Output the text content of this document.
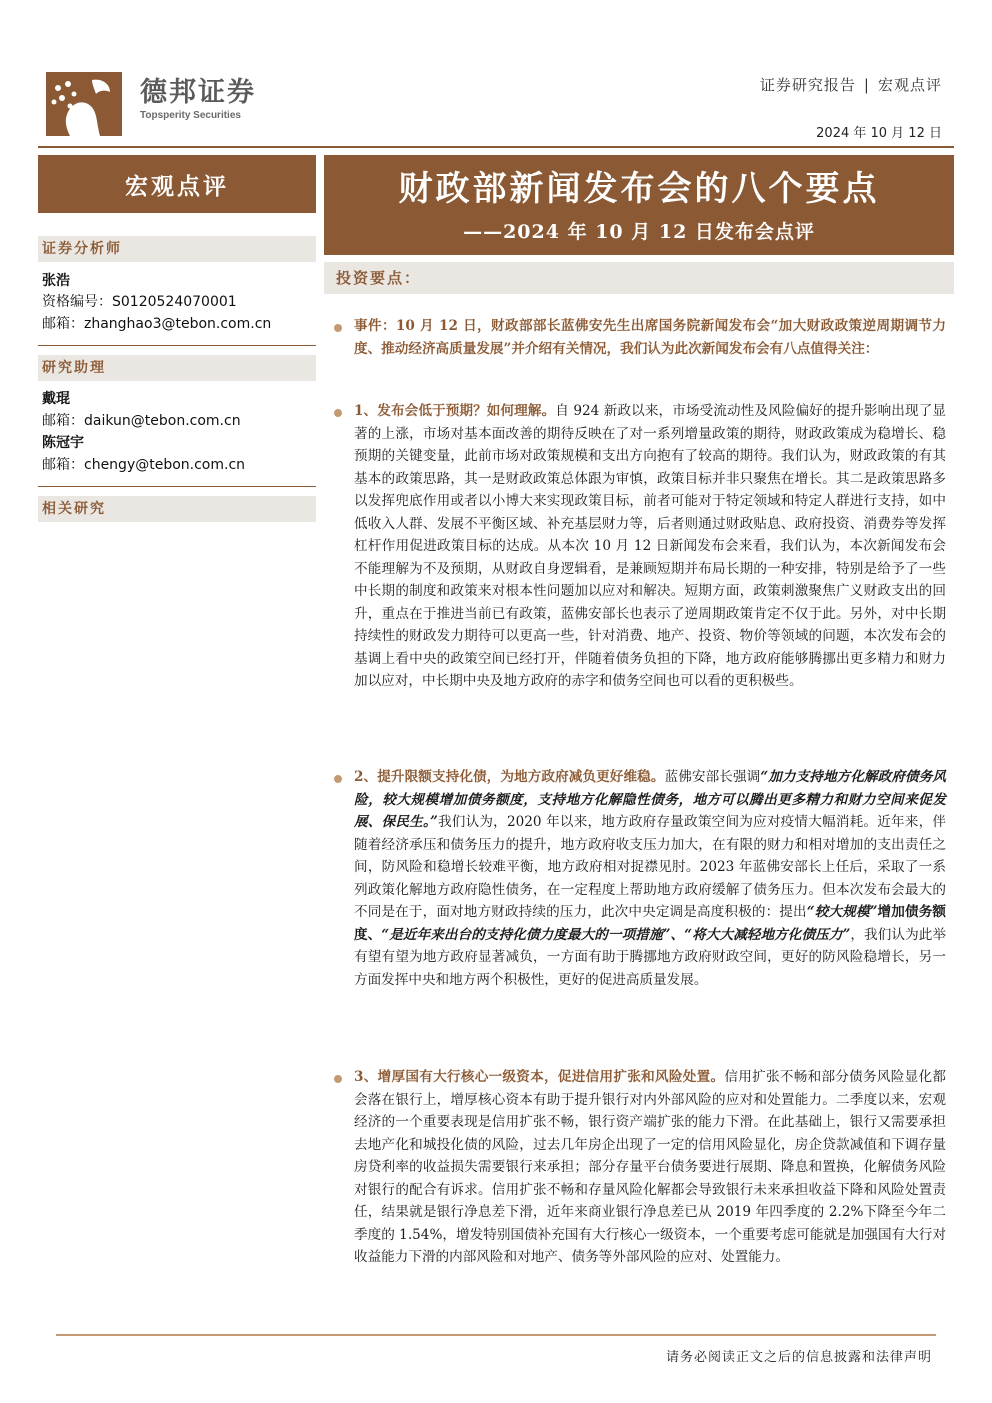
德邦证券
Topsperity Securities
证券研究报告 | 宏观点评
2024 年 10 月 12 日
宏观点评	财政部新闻发布会的八个要点
——2024 年 10 月 12 日发布会点评
证券分析师
张浩
资格编号：S0120524070001
邮箱：zhanghao3@tebon.com.cn
研究助理
戴琨
邮箱：daikun@tebon.com.cn
陈冠宇
邮箱：chengy@tebon.com.cn
相关研究
投资要点：
事件：10 月 12 日，财政部部长蓝佛安先生出席国务院新闻发布会“加大财政政策逆周期调节力度、推动经济高质量发展”并介绍有关情况，我们认为此次新闻发布会有八点值得关注：
1、发布会低于预期？如何理解。自 924 新政以来，市场受流动性及风险偏好的提升影响出现了显著的上涨，市场对基本面改善的期待反映在了对一系列增量政策的期待，财政政策成为稳增长、稳预期的关键变量，此前市场对政策规模和支出方向抱有了较高的期待。我们认为，财政政策的有其基本的政策思路，其一是财政政策总体跟为审慎，政策目标并非只聚焦在增长。其二是政策思路多以发挥兜底作用或者以小博大来实现政策目标，前者可能对于特定领域和特定人群进行支持，如中低收入人群、发展不平衡区域、补充基层财力等，后者则通过财政贴息、政府投资、消费券等发挥杠杆作用促进政策目标的达成。从本次 10 月 12 日新闻发布会来看，我们认为，本次新闻发布会不能理解为不及预期，从财政自身逻辑看，是兼顾短期并布局长期的一种安排，特别是给予了一些中长期的制度和政策来对根本性问题加以应对和解决。短期方面，政策刺激聚焦广义财政支出的回升，重点在于推进当前已有政策，蓝佛安部长也表示了逆周期政策肯定不仅于此。另外，对中长期持续性的财政发力期待可以更高一些，针对消费、地产、投资、物价等领域的问题，本次发布会的基调上看中央的政策空间已经打开，伴随着债务负担的下降，地方政府能够腾挪出更多精力和财力加以应对，中长期中央及地方政府的赤字和债务空间也可以看的更积极些。
2、提升限额支持化债，为地方政府减负更好维稳。蓝佛安部长强调“加力支持地方化解政府债务风险，较大规模增加债务额度，支持地方化解隐性债务，地方可以腾出更多精力和财力空间来促发展、保民生。”我们认为，2020 年以来，地方政府存量政策空间为应对疫情大幅消耗。近年来，伴随着经济承压和债务压力的提升，地方政府收支压力加大，在有限的财力和相对增加的支出责任之间，防风险和稳增长较难平衡，地方政府相对捉襟见肘。2023 年蓝佛安部长上任后，采取了一系列政策化解地方政府隐性债务，在一定程度上帮助地方政府缓解了债务压力。但本次发布会最大的不同是在于，面对地方财政持续的压力，此次中央定调是高度积极的：提出“较大规模”增加债务额度、“是近年来出台的支持化债力度最大的一项措施”、“将大大减轻地方化债压力”，我们认为此举有望有望为地方政府显著减负，一方面有助于腾挪地方政府财政空间，更好的防风险稳增长，另一方面发挥中央和地方两个积极性，更好的促进高质量发展。
3、增厚国有大行核心一级资本，促进信用扩张和风险处置。信用扩张不畅和部分债务风险显化都会落在银行上，增厚核心资本有助于提升银行对内外部风险的应对和处置能力。二季度以来，宏观经济的一个重要表现是信用扩张不畅，银行资产端扩张的能力下滑。在此基础上，银行又需要承担去地产化和城投化债的风险，过去几年房企出现了一定的信用风险显化，房企贷款减值和下调存量房贷利率的收益损失需要银行来承担；部分存量平台债务要进行展期、降息和置换，化解债务风险对银行的配合有诉求。信用扩张不畅和存量风险化解都会导致银行未来承担收益下降和风险处置责任，结果就是银行净息差下滑，近年来商业银行净息差已从 2019 年四季度的 2.2%下降至今年二季度的 1.54%，增发特别国债补充国有大行核心一级资本，一个重要考虑可能就是加强国有大行对收益能力下滑的内部风险和对地产、债务等外部风险的应对、处置能力。
请务必阅读正文之后的信息披露和法律声明
